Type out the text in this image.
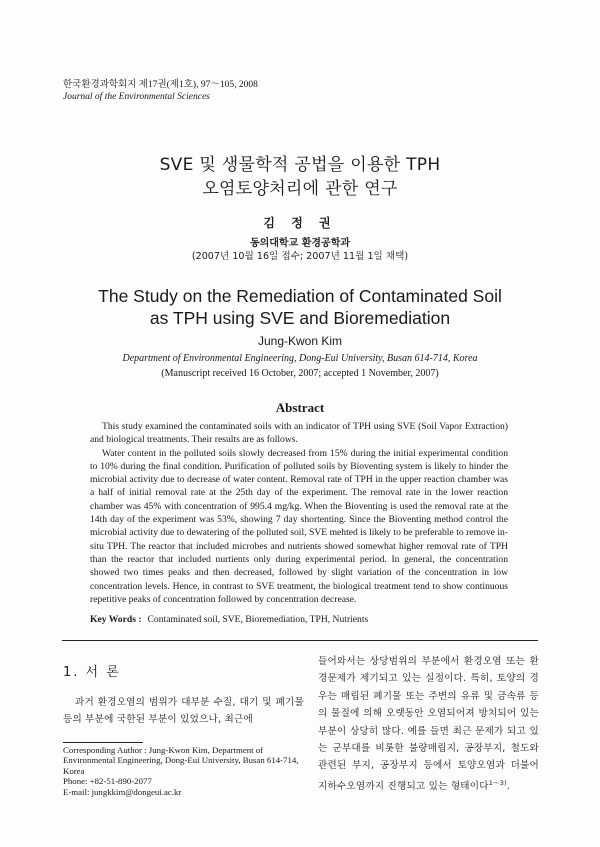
한국환경과학회지 제17권(제1호), 97～105, 2008
Journal of the Environmental Sciences
SVE 및 생물학적 공법을 이용한 TPH
오염토양처리에 관한 연구
김 정 권
동의대학교 환경공학과
(2007년 10월 16일 접수; 2007년 11월 1일 채택)
The Study on the Remediation of Contaminated Soil
as TPH using SVE and Bioremediation
Jung-Kwon Kim
Department of Environmental Engineering, Dong-Eui University, Busan 614-714, Korea
(Manuscript received 16 October, 2007; accepted 1 November, 2007)
Abstract

This study examined the contaminated soils with an indicator of TPH using SVE (Soil Vapor Extraction) and biological treatments. Their results are as follows.

Water content in the polluted soils slowly decreased from 15% during the initial experimental condition to 10% during the final condition. Purification of polluted soils by Bioventing system is likely to hinder the microbial activity due to decrease of water content. Removal rate of TPH in the upper reaction chamber was a half of initial removal rate at the 25th day of the experiment. The removal rate in the lower reaction chamber was 45% with concentration of 995.4 mg/kg. When the Bioventing is used the removal rate at the 14th day of the experiment was 53%, showing 7 day shortenting. Since the Bioventing method control the microbial activity due to dewatering of the polluted soil, SVE mehted is likely to be preferable to remove in-situ TPH. The reactor that included microbes and nutrients showed somewhat higher removal rate of TPH than the reactor that included nurtients only during experimental period. In general, the concentration showed two times peaks and then decreased, followed by slight variation of the concentration in low concentration levels. Hence, in contrast to SVE treatment, the biological treatment tend to show continuous repetitive peaks of concentration followed by concentration decrease.

Key Words : Contaminated soil, SVE, Bioremediation, TPH, Nutrients
1. 서 론

과거 환경오염의 범위가 대부분 수질, 대기 및 폐기물 등의 부분에 국한된 부분이 있었으나, 최근에

Corresponding Author : Jung-Kwon Kim, Department of Environmental Engineering, Dong-Eui University, Busan 614-714, Korea
Phone: +82-51-890-2077
E-mail: jungkkim@dongeui.ac.kr

들어와서는 상당범위의 부분에서 환경오염 또는 환경문제가 제기되고 있는 실정이다. 특히, 토양의 경우는 매립된 폐기물 또는 주변의 유류 및 금속류 등의 물질에 의해 오랫동안 오염되어져 방치되어 있는 부분이 상당히 많다. 예를 들면 최근 문제가 되고 있는 군부대를 비롯한 불량매립지, 공장부지, 철도와 관련된 부지, 공장부지 등에서 토양오염과 더불어 지하수오염까지 진행되고 있는 형태이다$^{1\sim 3)}$.
